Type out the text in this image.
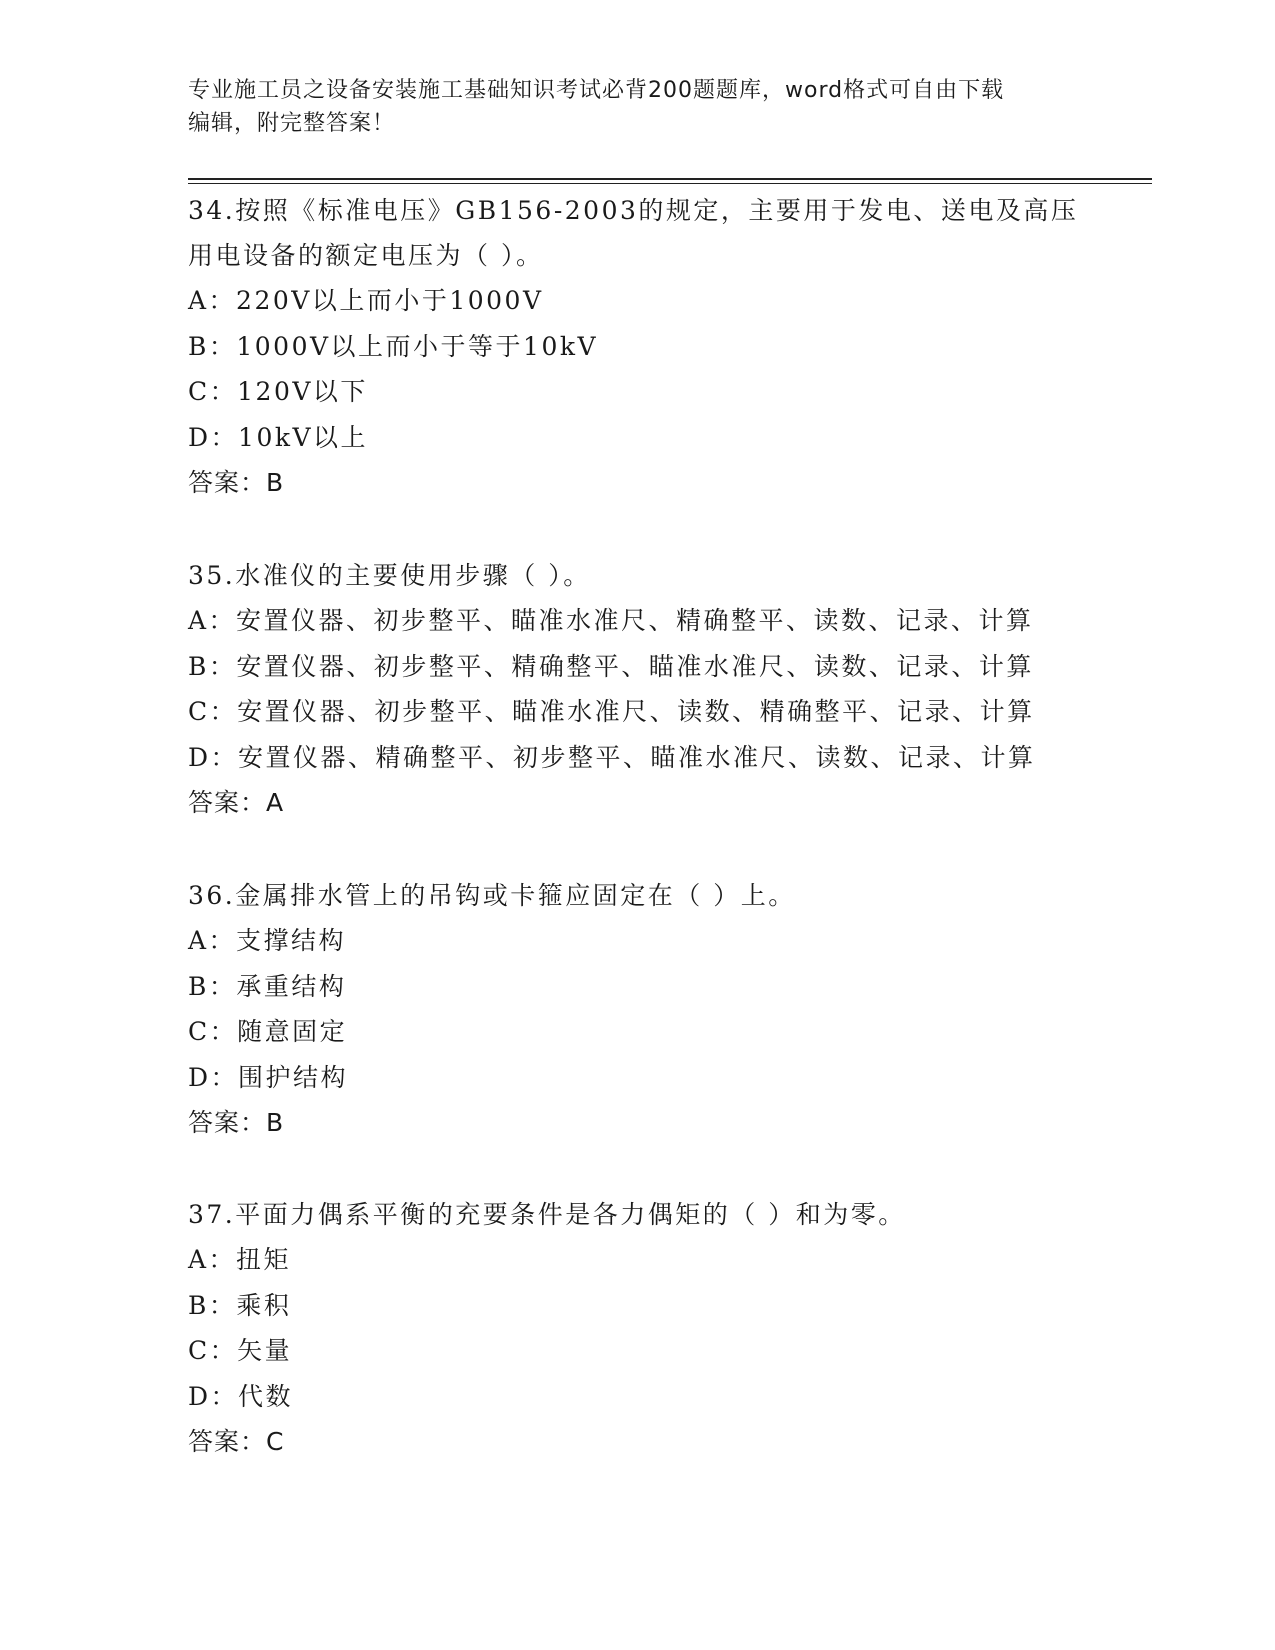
专业施工员之设备安装施工基础知识考试必背200题题库，word格式可自由下载
编辑，附完整答案！
34.按照《标准电压》GB156-2003的规定，主要用于发电、送电及高压
用电设备的额定电压为（ ）。
A：220V以上而小于1000V
B：1000V以上而小于等于10kV
C：120V以下
D：10kV以上
答案：B
35.水准仪的主要使用步骤（ ）。
A：安置仪器、初步整平、瞄准水准尺、精确整平、读数、记录、计算
B：安置仪器、初步整平、精确整平、瞄准水准尺、读数、记录、计算
C：安置仪器、初步整平、瞄准水准尺、读数、精确整平、记录、计算
D：安置仪器、精确整平、初步整平、瞄准水准尺、读数、记录、计算
答案：A
36.金属排水管上的吊钩或卡箍应固定在（ ）上。
A：支撑结构
B：承重结构
C：随意固定
D：围护结构
答案：B
37.平面力偶系平衡的充要条件是各力偶矩的（ ）和为零。
A：扭矩
B：乘积
C：矢量
D：代数
答案：C
